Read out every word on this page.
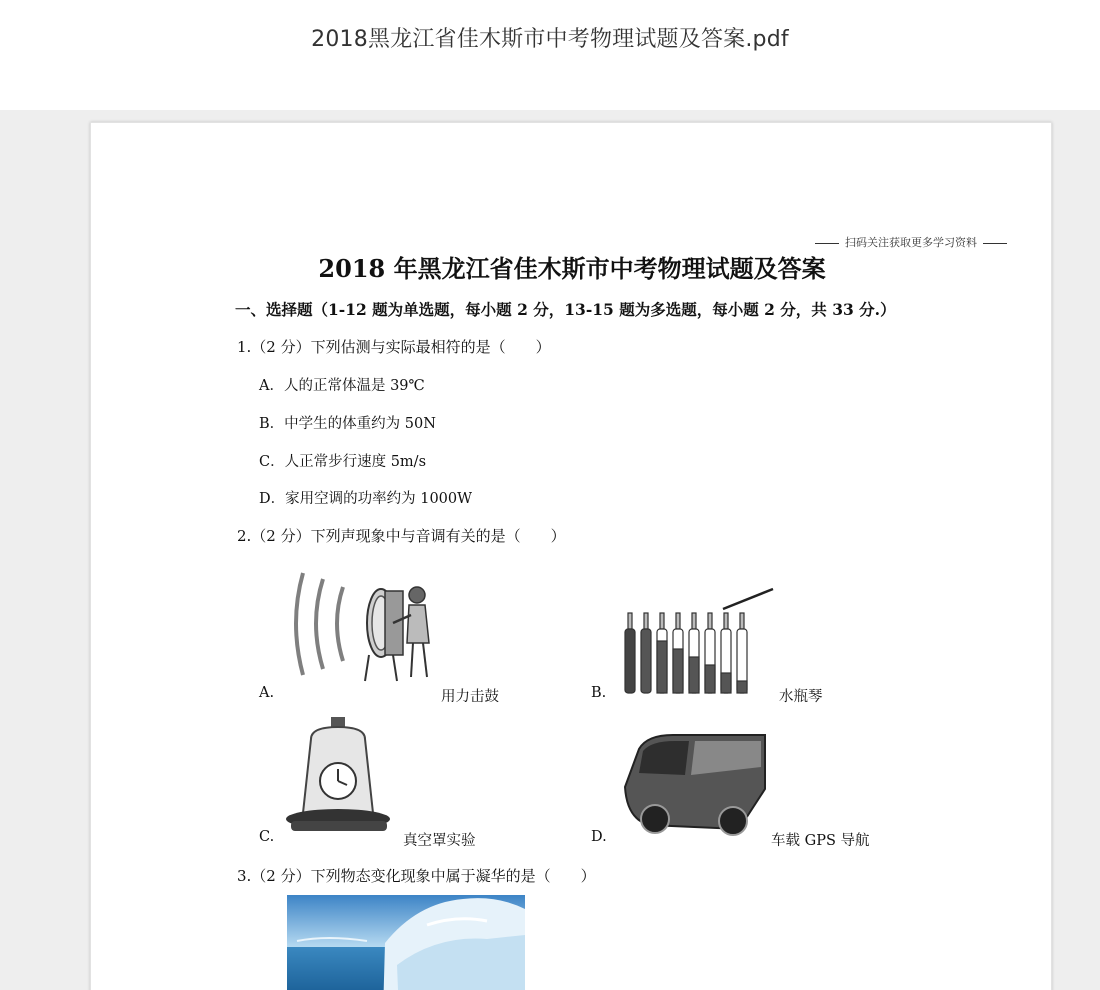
2018黑龙江省佳木斯市中考物理试题及答案.pdf
扫码关注获取更多学习资料
2018 年黑龙江省佳木斯市中考物理试题及答案
一、选择题（1-12 题为单选题，每小题 2 分，13-15 题为多选题，每小题 2 分，共 33 分.）
1.（2 分）下列估测与实际最相符的是（　　）
A．人的正常体温是 39℃
B．中学生的体重约为 50N
C．人正常步行速度 5m/s
D．家用空调的功率约为 1000W
2.（2 分）下列声现象中与音调有关的是（　　）
A.	用力击鼓	B.	水瓶琴
C.	真空罩实验	D.	车载 GPS 导航
3.（2 分）下列物态变化现象中属于凝华的是（　　）
